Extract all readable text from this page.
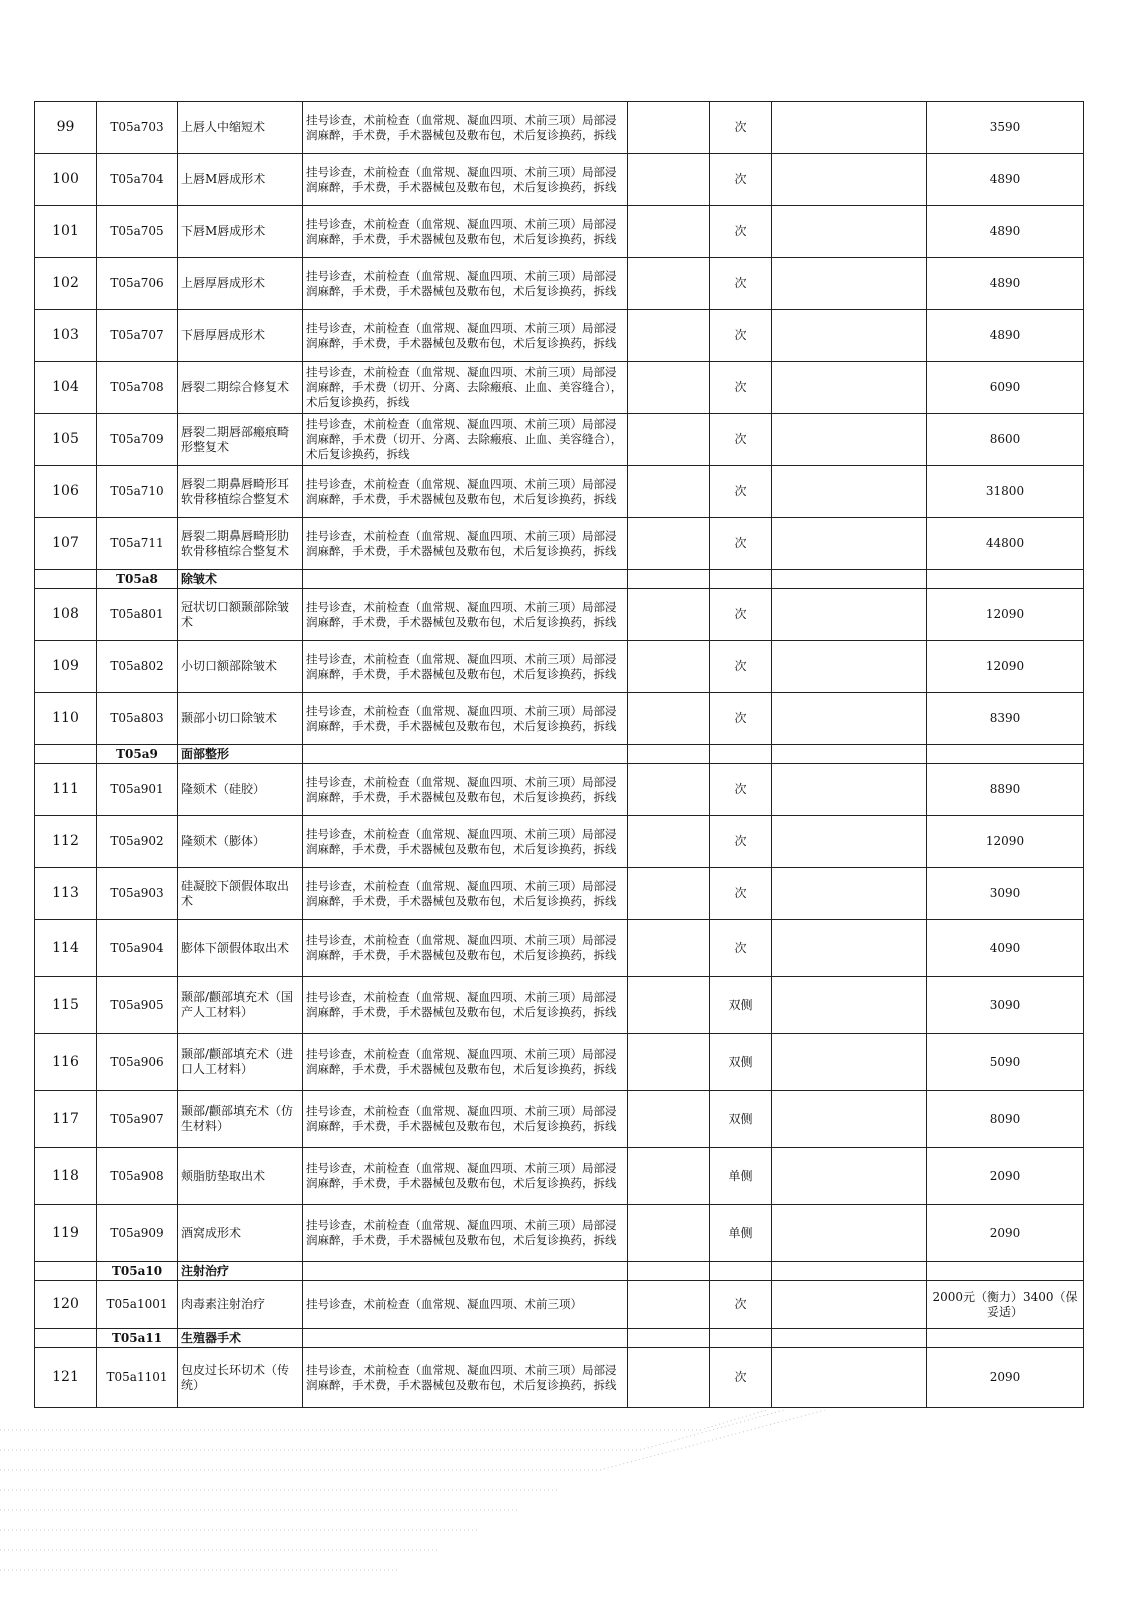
99	T05a703	上唇人中缩短术	挂号诊查，术前检查（血常规、凝血四项、术前三项）局部浸润麻醉，手术费，手术器械包及敷布包，术后复诊换药，拆线		次		3590
100	T05a704	上唇M唇成形术	挂号诊查，术前检查（血常规、凝血四项、术前三项）局部浸润麻醉，手术费，手术器械包及敷布包，术后复诊换药，拆线		次		4890
101	T05a705	下唇M唇成形术	挂号诊查，术前检查（血常规、凝血四项、术前三项）局部浸润麻醉，手术费，手术器械包及敷布包，术后复诊换药，拆线		次		4890
102	T05a706	上唇厚唇成形术	挂号诊查，术前检查（血常规、凝血四项、术前三项）局部浸润麻醉，手术费，手术器械包及敷布包，术后复诊换药，拆线		次		4890
103	T05a707	下唇厚唇成形术	挂号诊查，术前检查（血常规、凝血四项、术前三项）局部浸润麻醉，手术费，手术器械包及敷布包，术后复诊换药，拆线		次		4890
104	T05a708	唇裂二期综合修复术	挂号诊查，术前检查（血常规、凝血四项、术前三项）局部浸润麻醉，手术费（切开、分离、去除瘢痕、止血、美容缝合），术后复诊换药，拆线		次		6090
105	T05a709	唇裂二期唇部瘢痕畸形整复术	挂号诊查，术前检查（血常规、凝血四项、术前三项）局部浸润麻醉，手术费（切开、分离、去除瘢痕、止血、美容缝合），术后复诊换药，拆线		次		8600
106	T05a710	唇裂二期鼻唇畸形耳软骨移植综合整复术	挂号诊查，术前检查（血常规、凝血四项、术前三项）局部浸润麻醉，手术费，手术器械包及敷布包，术后复诊换药，拆线		次		31800
107	T05a711	唇裂二期鼻唇畸形肋软骨移植综合整复术	挂号诊查，术前检查（血常规、凝血四项、术前三项）局部浸润麻醉，手术费，手术器械包及敷布包，术后复诊换药，拆线		次		44800
	T05a8	除皱术					
108	T05a801	冠状切口额颞部除皱术	挂号诊查，术前检查（血常规、凝血四项、术前三项）局部浸润麻醉，手术费，手术器械包及敷布包，术后复诊换药，拆线		次		12090
109	T05a802	小切口额部除皱术	挂号诊查，术前检查（血常规、凝血四项、术前三项）局部浸润麻醉，手术费，手术器械包及敷布包，术后复诊换药，拆线		次		12090
110	T05a803	颞部小切口除皱术	挂号诊查，术前检查（血常规、凝血四项、术前三项）局部浸润麻醉，手术费，手术器械包及敷布包，术后复诊换药，拆线		次		8390
	T05a9	面部整形					
111	T05a901	隆颏术（硅胶）	挂号诊查，术前检查（血常规、凝血四项、术前三项）局部浸润麻醉，手术费，手术器械包及敷布包，术后复诊换药，拆线		次		8890
112	T05a902	隆颏术（膨体）	挂号诊查，术前检查（血常规、凝血四项、术前三项）局部浸润麻醉，手术费，手术器械包及敷布包，术后复诊换药，拆线		次		12090
113	T05a903	硅凝胶下颌假体取出术	挂号诊查，术前检查（血常规、凝血四项、术前三项）局部浸润麻醉，手术费，手术器械包及敷布包，术后复诊换药，拆线		次		3090
114	T05a904	膨体下颌假体取出术	挂号诊查，术前检查（血常规、凝血四项、术前三项）局部浸润麻醉，手术费，手术器械包及敷布包，术后复诊换药，拆线		次		4090
115	T05a905	颞部/颧部填充术（国产人工材料）	挂号诊查，术前检查（血常规、凝血四项、术前三项）局部浸润麻醉，手术费，手术器械包及敷布包，术后复诊换药，拆线		双侧		3090
116	T05a906	颞部/颧部填充术（进口人工材料）	挂号诊查，术前检查（血常规、凝血四项、术前三项）局部浸润麻醉，手术费，手术器械包及敷布包，术后复诊换药，拆线		双侧		5090
117	T05a907	颞部/颧部填充术（仿生材料）	挂号诊查，术前检查（血常规、凝血四项、术前三项）局部浸润麻醉，手术费，手术器械包及敷布包，术后复诊换药，拆线		双侧		8090
118	T05a908	颊脂肪垫取出术	挂号诊查，术前检查（血常规、凝血四项、术前三项）局部浸润麻醉，手术费，手术器械包及敷布包，术后复诊换药，拆线		单侧		2090
119	T05a909	酒窝成形术	挂号诊查，术前检查（血常规、凝血四项、术前三项）局部浸润麻醉，手术费，手术器械包及敷布包，术后复诊换药，拆线		单侧		2090
	T05a10	注射治疗					
120	T05a1001	肉毒素注射治疗	挂号诊查，术前检查（血常规、凝血四项、术前三项）		次		2000元（衡力）3400（保妥适）
	T05a11	生殖器手术					
121	T05a1101	包皮过长环切术（传统）	挂号诊查，术前检查（血常规、凝血四项、术前三项）局部浸润麻醉，手术费，手术器械包及敷布包，术后复诊换药，拆线		次		2090
